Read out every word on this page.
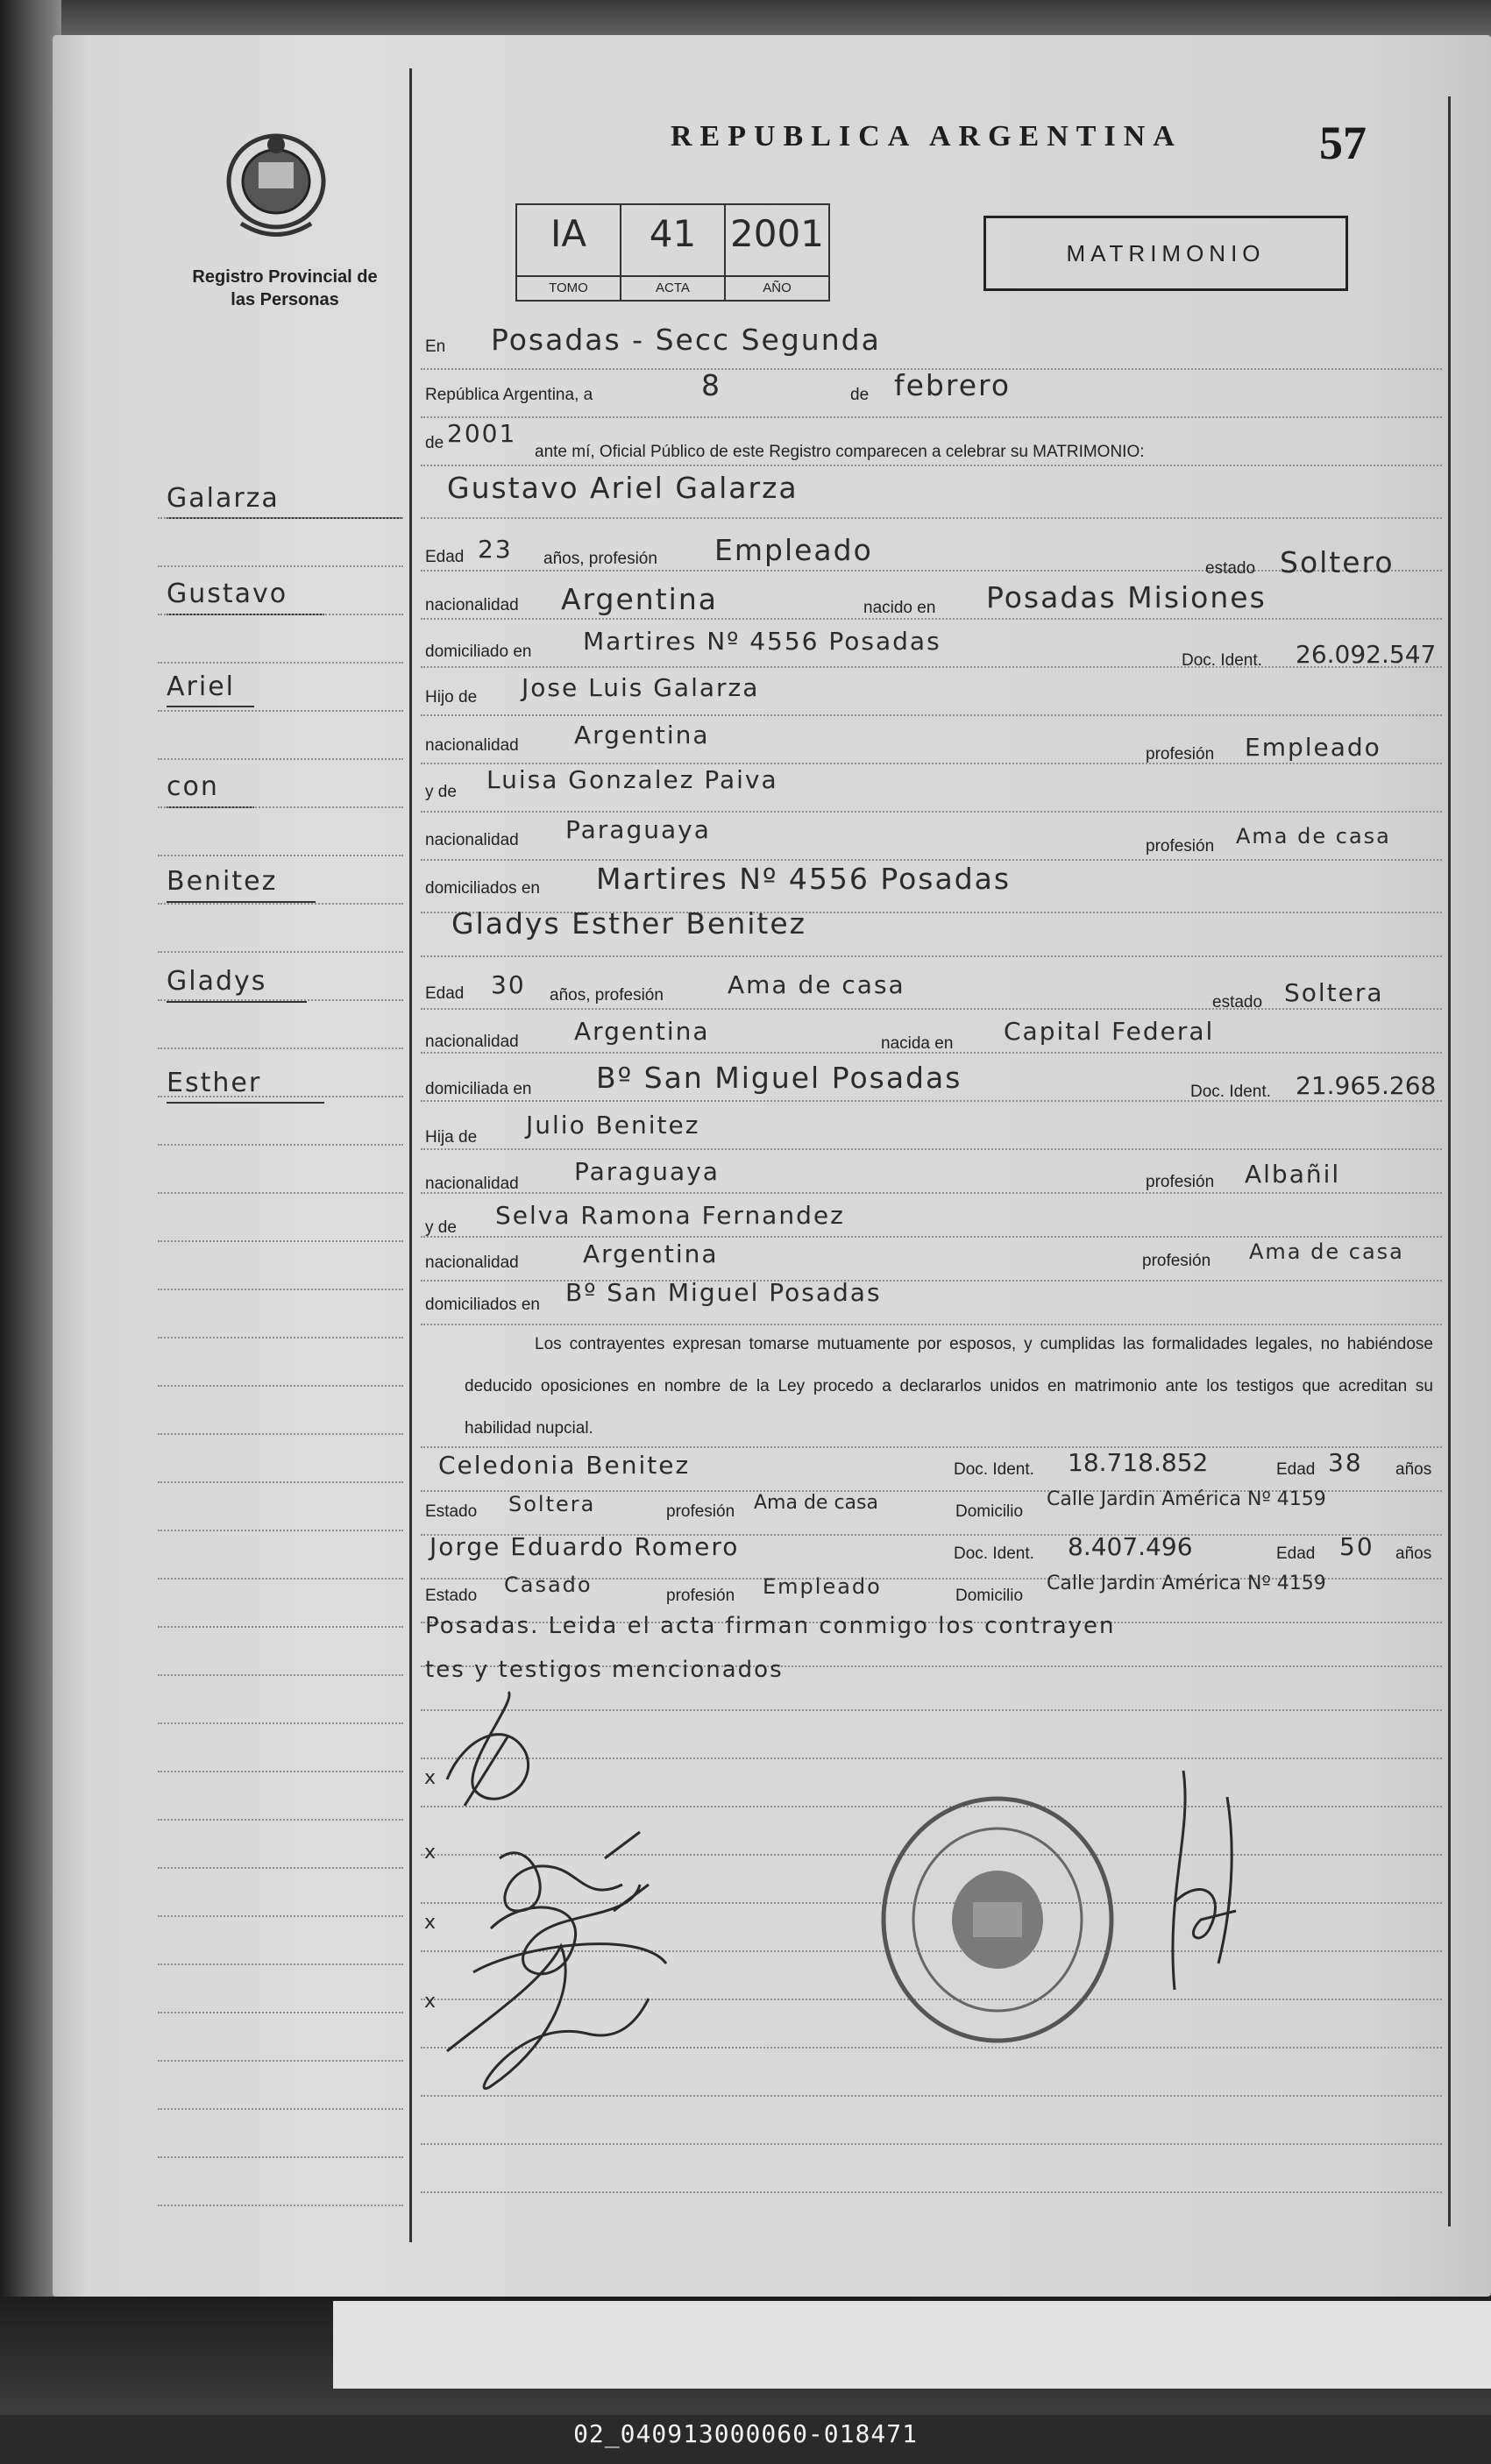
Registro Provincial de las Personas
REPUBLICA ARGENTINA	57
IA
TOMO
41
ACTA
2001
AÑO
MATRIMONIO
Galarza
Gustavo
Ariel
con
Benitez
Gladys
Esther
En Posadas - Secc Segunda
República Argentina, a	8	de febrero
de 2001
ante mí, Oficial Público de este Registro comparecen a celebrar su MATRIMONIO:
Gustavo Ariel Galarza
Edad 23 años, profesión Empleado
estado Soltero
nacionalidad Argentina	nacido en Posadas Misiones
domiciliado en Martires Nº 4556 Posadas
Doc. Ident. 26.092.547
Hijo de Jose Luis Galarza
nacionalidad Argentina
profesión Empleado
y de Luisa Gonzalez Paiva
nacionalidad Paraguaya
profesión Ama de casa
domiciliados en Martires Nº 4556 Posadas
Gladys Esther Benitez
Edad 30 años, profesión	Ama de casa
estado Soltera
nacionalidad Argentina	nacida en Capital Federal
domiciliada en Bº San Miguel Posadas	Doc. Ident. 21.965.268
Hija de Julio Benitez
nacionalidad Paraguaya	profesión Albañil
y de Selva Ramona Fernandez
nacionalidad	Argentina	profesión Ama de casa
domiciliados en Bº San Miguel Posadas
Los contrayentes expresan tomarse mutuamente por esposos, y cumplidas las formalidades legales, no habiéndose deducido oposiciones en nombre de la Ley procedo a declararlos unidos en matrimonio ante los testigos que acreditan su habilidad nupcial.
Celedonia Benitez	Doc. Ident. 18.718.852	Edad 38 años
Estado Soltera	profesión Ama de casa	Domicilio
Calle Jardin América Nº 4159
Jorge Eduardo Romero	Doc. Ident. 8.407.496	Edad 50 años
Estado Casado	profesión Empleado	Domicilio
Calle Jardin América Nº 4159
Posadas. Leida el acta firman conmigo los contrayen
tes y testigos mencionados
x
x
x
x
02_040913000060-018471
